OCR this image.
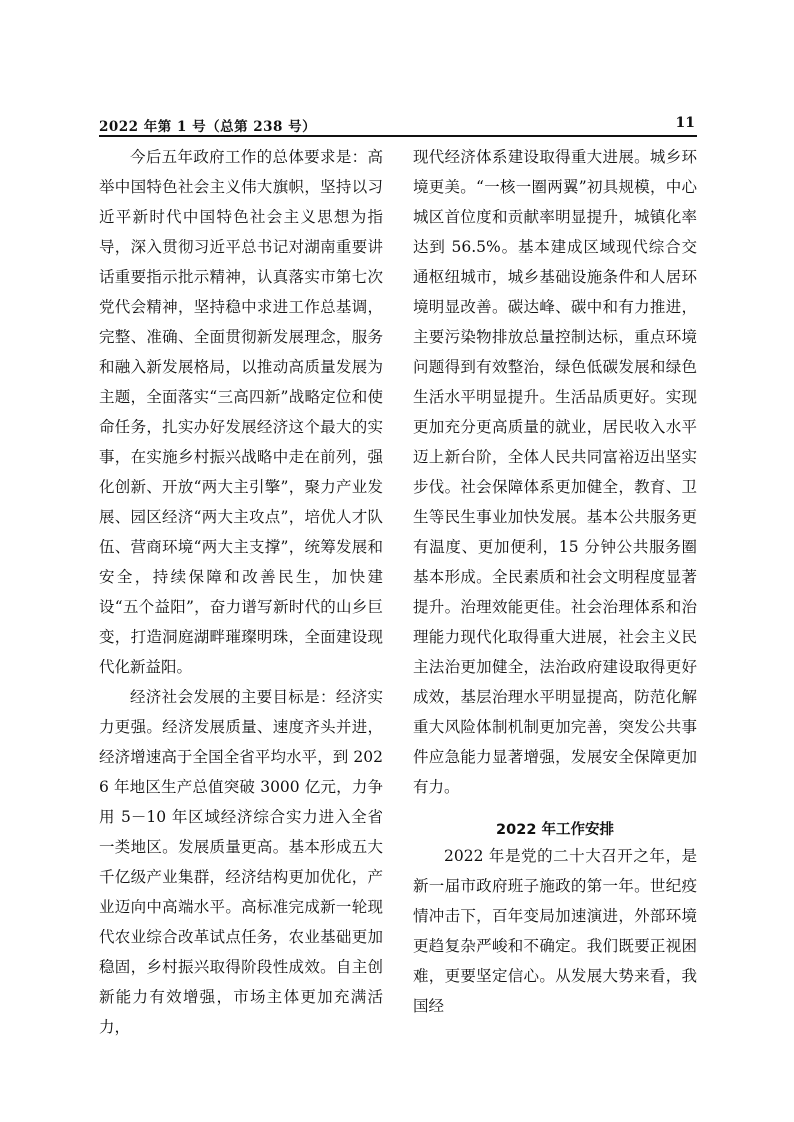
2022 年第 1 号（总第 238 号）	11

今后五年政府工作的总体要求是：高举中国特色社会主义伟大旗帜，坚持以习近平新时代中国特色社会主义思想为指导，深入贯彻习近平总书记对湖南重要讲话重要指示批示精神，认真落实市第七次党代会精神，坚持稳中求进工作总基调，完整、准确、全面贯彻新发展理念，服务和融入新发展格局，以推动高质量发展为主题，全面落实“三高四新”战略定位和使命任务，扎实办好发展经济这个最大的实事，在实施乡村振兴战略中走在前列，强化创新、开放“两大主引擎”，聚力产业发展、园区经济“两大主攻点”，培优人才队伍、营商环境“两大主支撑”，统筹发展和安全，持续保障和改善民生，加快建设“五个益阳”，奋力谱写新时代的山乡巨变，打造洞庭湖畔璀璨明珠，全面建设现代化新益阳。

经济社会发展的主要目标是：经济实力更强。经济发展质量、速度齐头并进，经济增速高于全国全省平均水平，到 2026 年地区生产总值突破 3000 亿元，力争用 5－10 年区域经济综合实力进入全省一类地区。发展质量更高。基本形成五大千亿级产业集群，经济结构更加优化，产业迈向中高端水平。高标准完成新一轮现代农业综合改革试点任务，农业基础更加稳固，乡村振兴取得阶段性成效。自主创新能力有效增强，市场主体更加充满活力，

现代经济体系建设取得重大进展。城乡环境更美。“一核一圈两翼”初具规模，中心城区首位度和贡献率明显提升，城镇化率达到 56.5%。基本建成区域现代综合交通枢纽城市，城乡基础设施条件和人居环境明显改善。碳达峰、碳中和有力推进，主要污染物排放总量控制达标，重点环境问题得到有效整治，绿色低碳发展和绿色生活水平明显提升。生活品质更好。实现更加充分更高质量的就业，居民收入水平迈上新台阶，全体人民共同富裕迈出坚实步伐。社会保障体系更加健全，教育、卫生等民生事业加快发展。基本公共服务更有温度、更加便利，15 分钟公共服务圈基本形成。全民素质和社会文明程度显著提升。治理效能更佳。社会治理体系和治理能力现代化取得重大进展，社会主义民主法治更加健全，法治政府建设取得更好成效，基层治理水平明显提高，防范化解重大风险体制机制更加完善，突发公共事件应急能力显著增强，发展安全保障更加有力。

2022 年工作安排

2022 年是党的二十大召开之年，是新一届市政府班子施政的第一年。世纪疫情冲击下，百年变局加速演进，外部环境更趋复杂严峻和不确定。我们既要正视困难，更要坚定信心。从发展大势来看，我国经
